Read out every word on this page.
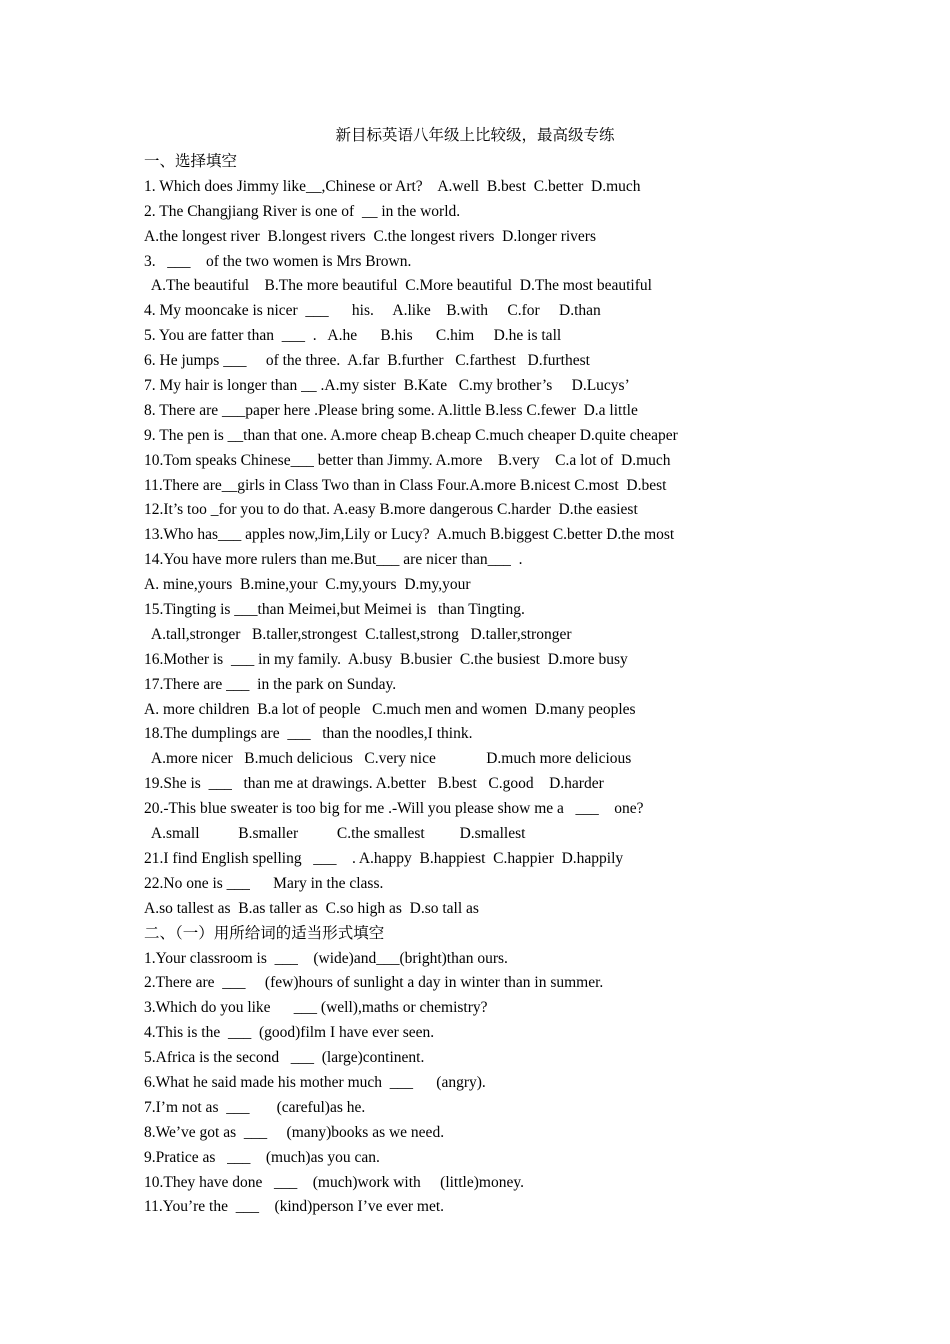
新目标英语八年级上比较级，最高级专练
一、选择填空
1. Which does Jimmy like__,Chinese or Art?    A.well  B.best  C.better  D.much
2. The Changjiang River is one of  __ in the world.
A.the longest river  B.longest rivers  C.the longest rivers  D.longer rivers
3.   ___    of the two women is Mrs Brown.
A.The beautiful    B.The more beautiful  C.More beautiful  D.The most beautiful
4. My mooncake is nicer  ___      his.     A.like    B.with     C.for     D.than
5. You are fatter than  ___  .   A.he      B.his      C.him     D.he is tall
6. He jumps ___     of the three.  A.far  B.further   C.farthest   D.furthest
7. My hair is longer than __ .A.my sister  B.Kate   C.my brother’s     D.Lucys’
8. There are ___paper here .Please bring some. A.little B.less C.fewer  D.a little
9. The pen is __than that one. A.more cheap B.cheap C.much cheaper D.quite cheaper
10.Tom speaks Chinese___ better than Jimmy. A.more    B.very    C.a lot of  D.much
11.There are__girls in Class Two than in Class Four.A.more B.nicest C.most  D.best
12.It’s too _for you to do that. A.easy B.more dangerous C.harder  D.the easiest
13.Who has___ apples now,Jim,Lily or Lucy?  A.much B.biggest C.better D.the most
14.You have more rulers than me.But___ are nicer than___  .
A. mine,yours  B.mine,your  C.my,yours  D.my,your
15.Tingting is ___than Meimei,but Meimei is   than Tingting.
A.tall,stronger   B.taller,strongest  C.tallest,strong   D.taller,stronger
16.Mother is  ___ in my family.  A.busy  B.busier  C.the busiest  D.more busy
17.There are ___  in the park on Sunday.
A. more children  B.a lot of people   C.much men and women  D.many peoples
18.The dumplings are  ___   than the noodles,I think.
A.more nicer   B.much delicious   C.very nice             D.much more delicious
19.She is  ___   than me at drawings. A.better   B.best   C.good    D.harder
20.-This blue sweater is too big for me .-Will you please show me a   ___    one?
A.small          B.smaller          C.the smallest         D.smallest
21.I find English spelling   ___    . A.happy  B.happiest  C.happier  D.happily
22.No one is ___      Mary in the class.
A.so tallest as  B.as taller as  C.so high as  D.so tall as
二、（一）用所给词的适当形式填空
1.Your classroom is  ___    (wide)and___(bright)than ours.
2.There are  ___     (few)hours of sunlight a day in winter than in summer.
3.Which do you like      ___ (well),maths or chemistry?
4.This is the  ___  (good)film I have ever seen.
5.Africa is the second   ___  (large)continent.
6.What he said made his mother much  ___      (angry).
7.I’m not as  ___       (careful)as he.
8.We’ve got as  ___     (many)books as we need.
9.Pratice as   ___    (much)as you can.
10.They have done   ___    (much)work with     (little)money.
11.You’re the  ___    (kind)person I’ve ever met.
